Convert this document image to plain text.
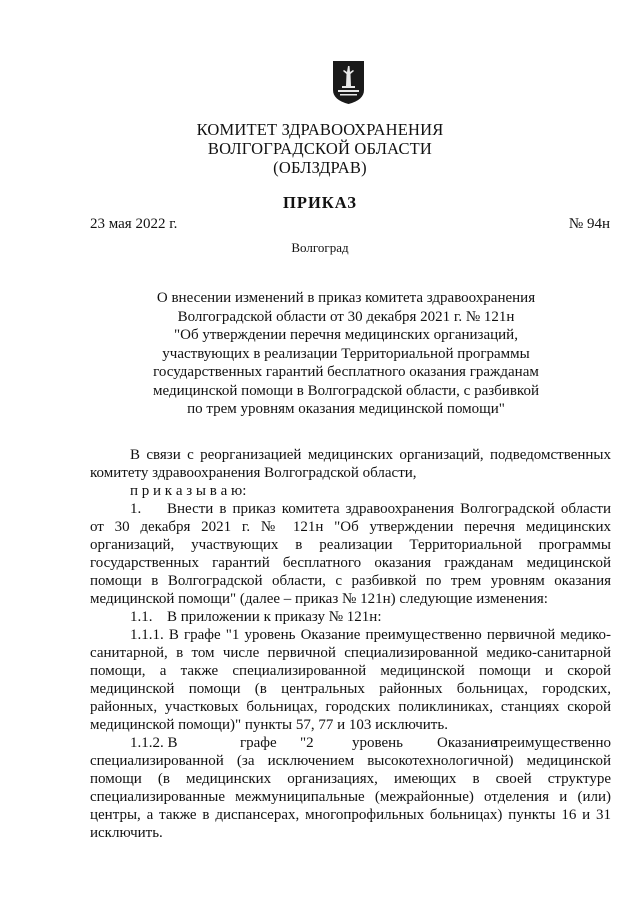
КОМИТЕТ ЗДРАВООХРАНЕНИЯ
ВОЛГОГРАДСКОЙ ОБЛАСТИ
(ОБЛЗДРАВ)
ПРИКАЗ
23 мая 2022 г.	№ 94н
Волгоград
О внесении изменений в приказ комитета здравоохранения
Волгоградской области от 30 декабря 2021 г. № 121н
"Об утверждении перечня медицинских организаций,
участвующих в реализации Территориальной программы
государственных гарантий бесплатного оказания гражданам
медицинской помощи в Волгоградской области, с разбивкой
по трем уровням оказания медицинской помощи"
В связи с реорганизацией медицинских организаций, подведомственных
комитету здравоохранения Волгоградской области,
п р и к а з ы в а ю:
1. Внести в приказ комитета здравоохранения Волгоградской области
от 30 декабря 2021 г. № 121н "Об утверждении перечня медицинских
организаций, участвующих в реализации Территориальной программы
государственных гарантий бесплатного оказания гражданам медицинской
помощи в Волгоградской области, с разбивкой по трем уровням оказания
медицинской помощи" (далее – приказ № 121н) следующие изменения:
1.1. В приложении к приказу № 121н:
1.1.1. В графе "1 уровень Оказание преимущественно первичной медико-
санитарной, в том числе первичной специализированной медико-санитарной
помощи, а также специализированной медицинской помощи и скорой
медицинской помощи (в центральных районных больницах, городских,
районных, участковых больницах, городских поликлиниках, станциях скорой
медицинской помощи)" пункты 57, 77 и 103 исключить.
1.1.2. В	графе "2	уровень Оказание
преимущественно
специализированной (за исключением высокотехнологичной) медицинской
помощи (в медицинских организациях, имеющих в своей структуре
специализированные межмуниципальные (межрайонные) отделения и (или)
центры, а также в диспансерах, многопрофильных больницах) пункты 16 и 31
исключить.
